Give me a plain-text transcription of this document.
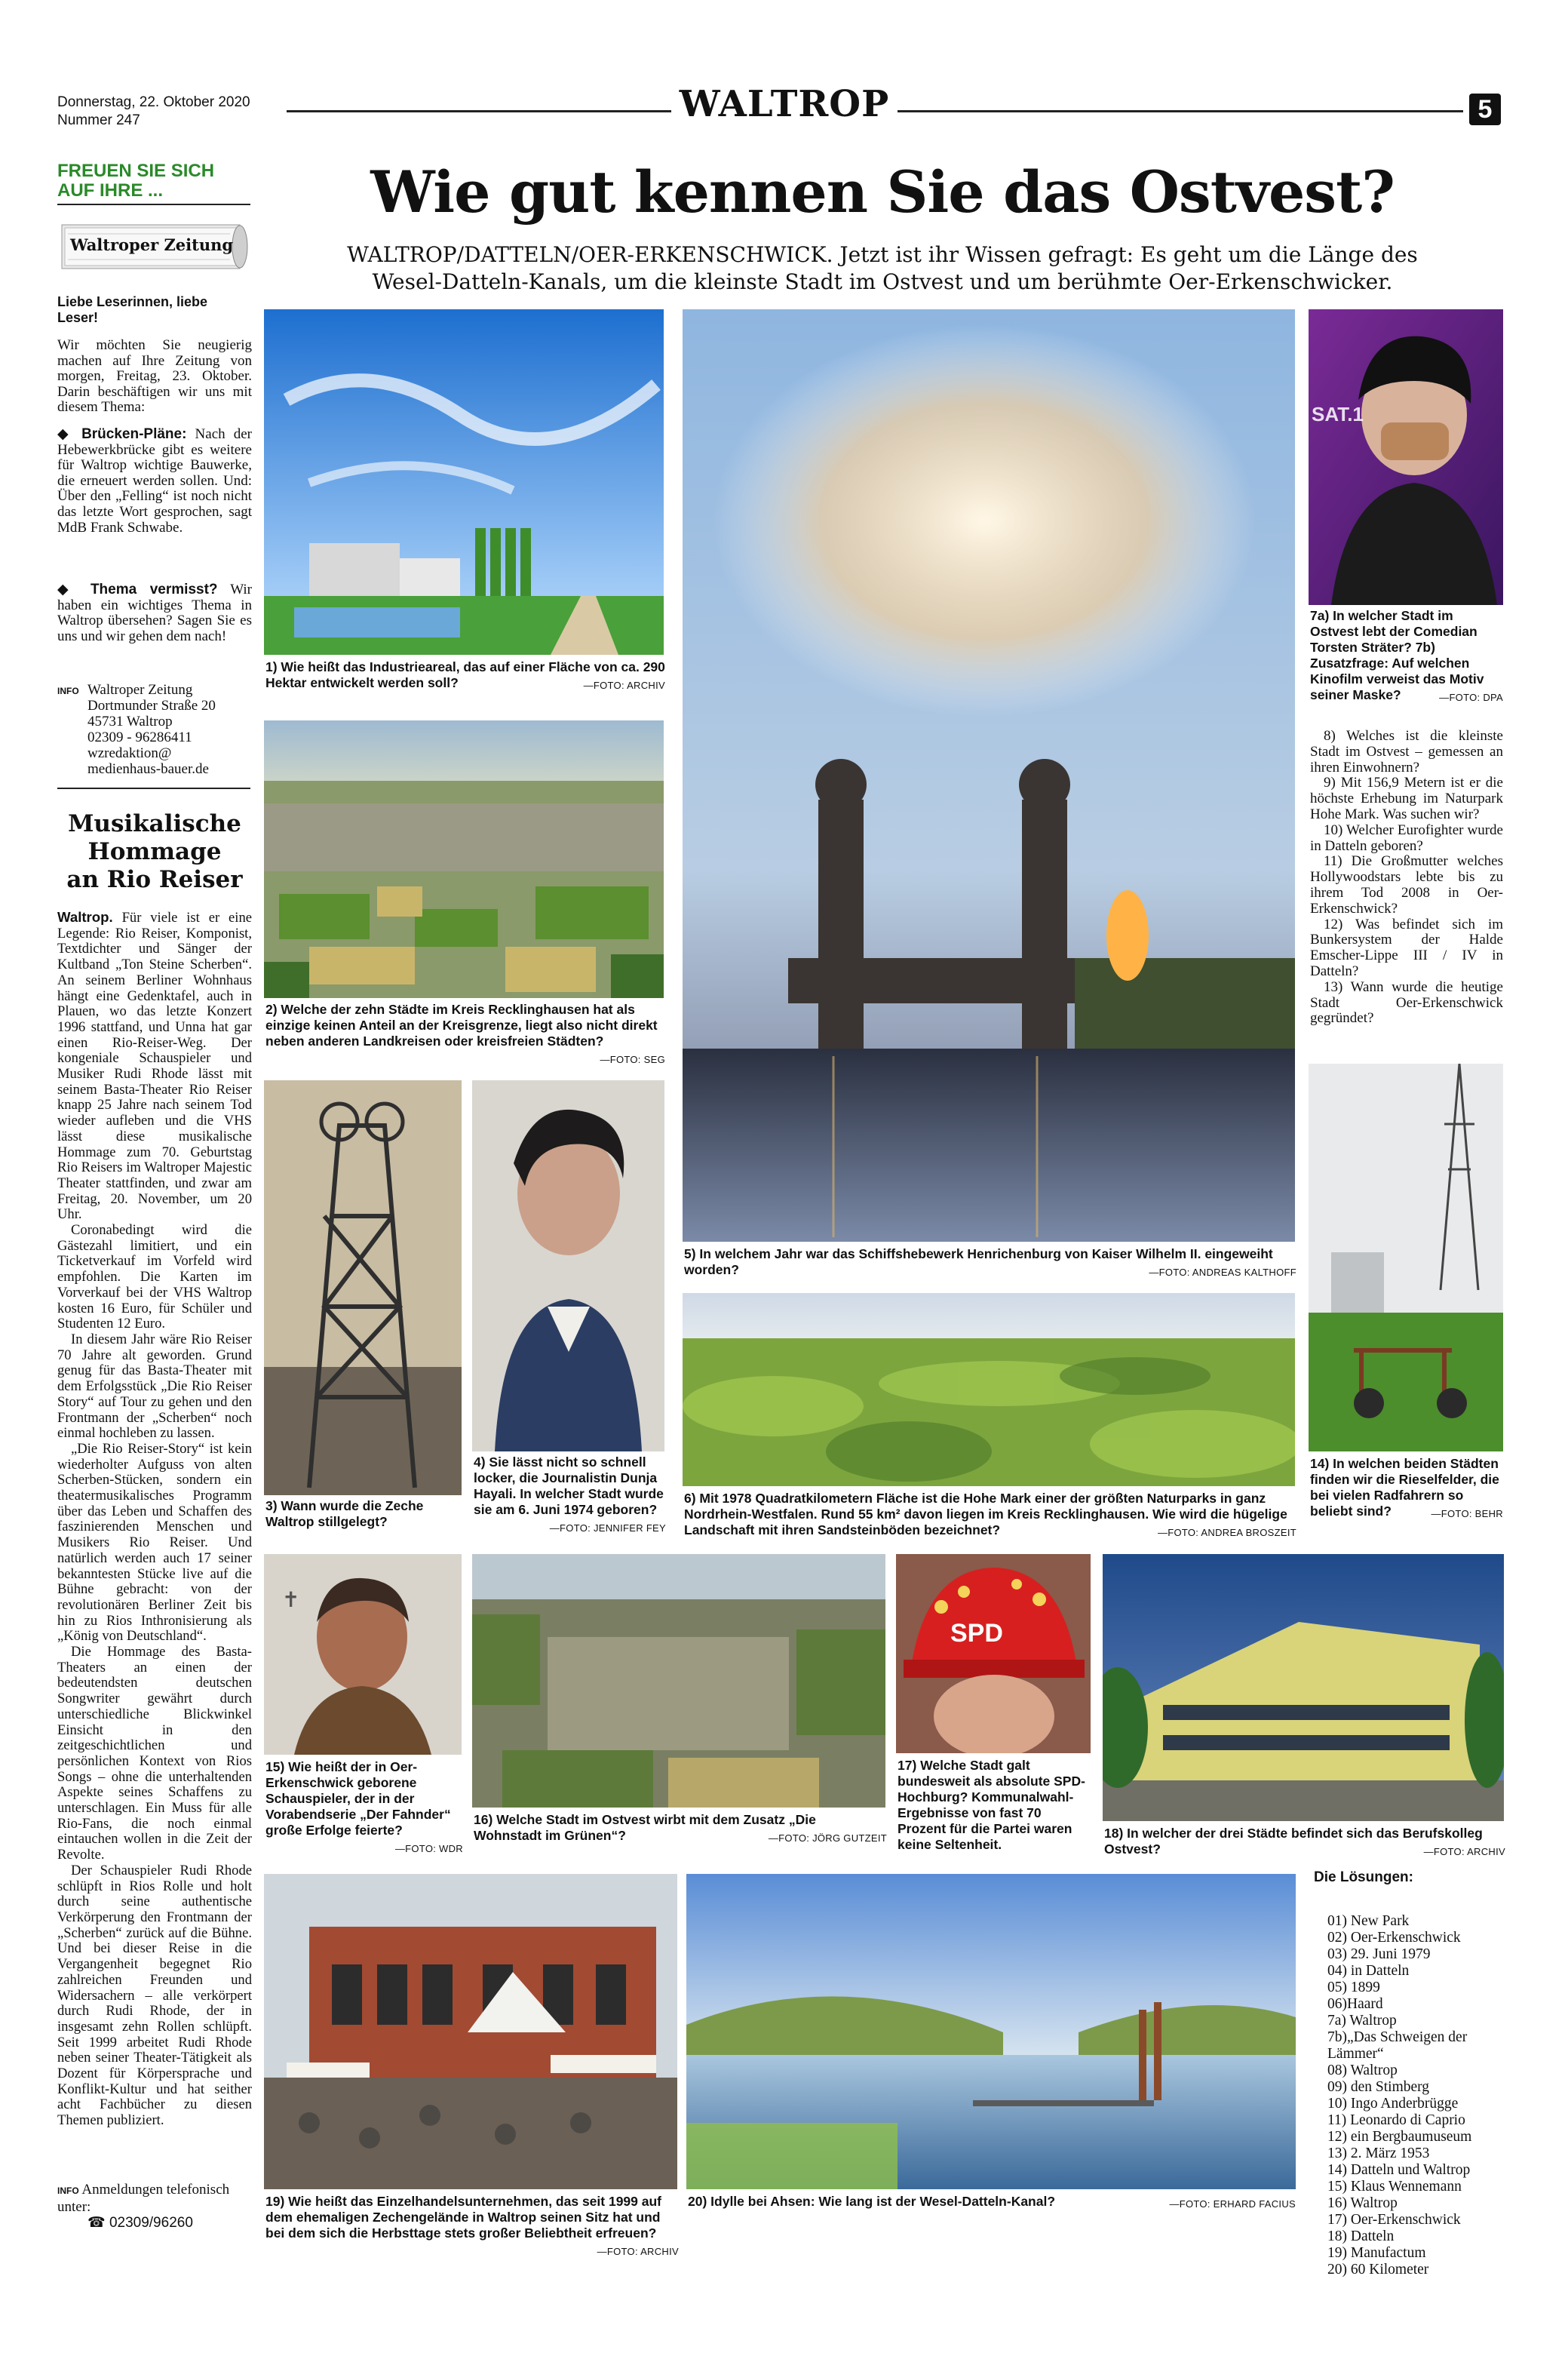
Donnerstag, 22. Oktober 2020
Nummer 247	WALTROP	5
FREUEN SIE SICH
AUF IHRE ...
Waltroper Zeitung
Liebe Leserinnen, liebe Leser!

Wir möchten Sie neugierig machen auf Ihre Zeitung von morgen, Freitag, 23. Oktober. Darin beschäftigen wir uns mit diesem Thema:

◆ Brücken-Pläne: Nach der Hebewerkbrücke gibt es weitere für Waltrop wichtige Bauwerke, die erneuert werden sollen. Und: Über den „Felling“ ist noch nicht das letzte Wort gesprochen, sagt MdB Frank Schwabe.

◆ Thema vermisst? Wir haben ein wichtiges Thema in Waltrop übersehen? Sagen Sie es uns und wir gehen dem nach!

INFO Waltroper Zeitung
Dortmunder Straße 20
45731 Waltrop
02309 - 96286411
wzredaktion@
medienhaus-bauer.de
Musikalische
Hommage
an Rio Reiser

Waltrop. Für viele ist er eine Legende: Rio Reiser, Komponist, Textdichter und Sänger der Kultband „Ton Steine Scherben“. An seinem Berliner Wohnhaus hängt eine Gedenktafel, auch in Plauen, wo das letzte Konzert 1996 stattfand, und Unna hat gar einen Rio-Reiser-Weg. Der kongeniale Schauspieler und Musiker Rudi Rhode lässt mit seinem Basta-Theater Rio Reiser knapp 25 Jahre nach seinem Tod wieder aufleben und die VHS lässt diese musikalische Hommage zum 70. Geburtstag Rio Reisers im Waltroper Majestic Theater stattfinden, und zwar am Freitag, 20. November, um 20 Uhr.

Coronabedingt wird die Gästezahl limitiert, und ein Ticketverkauf im Vorfeld wird empfohlen. Die Karten im Vorverkauf bei der VHS Waltrop kosten 16 Euro, für Schüler und Studenten 12 Euro.

In diesem Jahr wäre Rio Reiser 70 Jahre alt geworden. Grund genug für das Basta-Theater mit dem Erfolgsstück „Die Rio Reiser Story“ auf Tour zu gehen und den Frontmann der „Scherben“ noch einmal hochleben zu lassen.

„Die Rio Reiser-Story“ ist kein wiederholter Aufguss von alten Scherben-Stücken, sondern ein theatermusikalisches Programm über das Leben und Schaffen des faszinierenden Menschen und Musikers Rio Reiser. Und natürlich werden auch 17 seiner bekanntesten Stücke live auf die Bühne gebracht: von der revolutionären Berliner Zeit bis hin zu Rios Inthronisierung als „König von Deutschland“.

Die Hommage des Basta-Theaters an einen der bedeutendsten deutschen Songwriter gewährt durch unterschiedliche Blickwinkel Einsicht in den zeitgeschichtlichen und persönlichen Kontext von Rios Songs – ohne die unterhaltenden Aspekte seines Schaffens zu unterschlagen. Ein Muss für alle Rio-Fans, die noch einmal eintauchen wollen in die Zeit der Revolte.

Der Schauspieler Rudi Rhode schlüpft in Rios Rolle und holt durch seine authentische Verkörperung den Frontmann der „Scherben“ zurück auf die Bühne. Und bei dieser Reise in die Vergangenheit begegnet Rio zahlreichen Freunden und Widersachern – alle verkörpert durch Rudi Rhode, der in insgesamt zehn Rollen schlüpft. Seit 1999 arbeitet Rudi Rhode neben seiner Theater-Tätigkeit als Dozent für Körpersprache und Konflikt-Kultur und hat seither acht Fachbücher zu diesen Themen publiziert.

INFO Anmeldungen telefonisch unter:
☎ 02309/96260
Wie gut kennen Sie das Ostvest?
WALTROP/DATTELN/OER-ERKENSCHWICK. Jetzt ist ihr Wissen gefragt: Es geht um die Länge des
Wesel-Datteln-Kanals, um die kleinste Stadt im Ostvest und um berühmte Oer-Erkenschwicker.
1) Wie heißt das Industrieareal, das auf einer Fläche von ca. 290 Hektar entwickelt werden soll?	—FOTO: ARCHIV
2) Welche der zehn Städte im Kreis Recklinghausen hat als einzige keinen Anteil an der Kreisgrenze, liegt also nicht direkt neben anderen Landkreisen oder kreisfreien Städten?
—FOTO: SEG
3) Wann wurde die Zeche Waltrop stillgelegt?
4) Sie lässt nicht so schnell locker, die Journalistin Dunja Hayali. In welcher Stadt wurde sie am 6. Juni 1974 geboren?
—FOTO: JENNIFER FEY
5) In welchem Jahr war das Schiffshebewerk Henrichenburg von Kaiser Wilhelm II. eingeweiht worden?	—FOTO: ANDREAS KALTHOFF
6) Mit 1978 Quadratkilometern Fläche ist die Hohe Mark einer der größten Naturparks in ganz Nordrhein-Westfalen. Rund 55 km² davon liegen im Kreis Recklinghausen. Wie wird die hügelige Landschaft mit ihren Sandsteinböden bezeichnet?	—FOTO: ANDREA BROSZEIT
SAT.1
7a) In welcher Stadt im Ostvest lebt der Comedian Torsten Sträter? 7b) Zusatzfrage: Auf welchen Kinofilm verweist das Motiv seiner Maske?	—FOTO: DPA

8) Welches ist die kleinste Stadt im Ostvest – gemessen an ihren Einwohnern?

9) Mit 156,9 Metern ist er die höchste Erhebung im Naturpark Hohe Mark. Was suchen wir?

10) Welcher Eurofighter wurde in Datteln geboren?

11) Die Großmutter welches Hollywoodstars lebte bis zu ihrem Tod 2008 in Oer-Erkenschwick?

12) Was befindet sich im Bunkersystem der Halde Emscher-Lippe III / IV in Datteln?

13) Wann wurde die heutige Stadt Oer-Erkenschwick gegründet?

14) In welchen beiden Städten finden wir die Rieselfelder, die bei vielen Radfahrern so beliebt sind?	—FOTO: BEHR
✝
15) Wie heißt der in Oer-Erkenschwick geborene Schauspieler, der in der Vorabendserie „Der Fahnder“ große Erfolge feierte?
—FOTO: WDR
16) Welche Stadt im Ostvest wirbt mit dem Zusatz „Die Wohnstadt im Grünen“?	—FOTO: JÖRG GUTZEIT
SPD
17) Welche Stadt galt bundesweit als absolute SPD-Hochburg? Kommunalwahl-Ergebnisse von fast 70 Prozent für die Partei waren keine Seltenheit.
18) In welcher der drei Städte befindet sich das Berufskolleg Ostvest?	—FOTO: ARCHIV
19) Wie heißt das Einzelhandelsunternehmen, das seit 1999 auf dem ehemaligen Zechengelände in Waltrop seinen Sitz hat und bei dem sich die Herbsttage stets großer Beliebtheit erfreuen?
—FOTO: ARCHIV
20) Idylle bei Ahsen: Wie lang ist der Wesel-Datteln-Kanal?	—FOTO: ERHARD FACIUS
Die Lösungen:
01) New Park
02) Oer-Erkenschwick
03) 29. Juni 1979
04) in Datteln
05) 1899
06)Haard
7a) Waltrop
7b)„Das Schweigen der Lämmer“
08) Waltrop
09) den Stimberg
10) Ingo Anderbrügge
11) Leonardo di Caprio
12) ein Bergbaumuseum
13) 2. März 1953
14) Datteln und Waltrop
15) Klaus Wennemann
16) Waltrop
17) Oer-Erkenschwick
18) Datteln
19) Manufactum
20) 60 Kilometer
